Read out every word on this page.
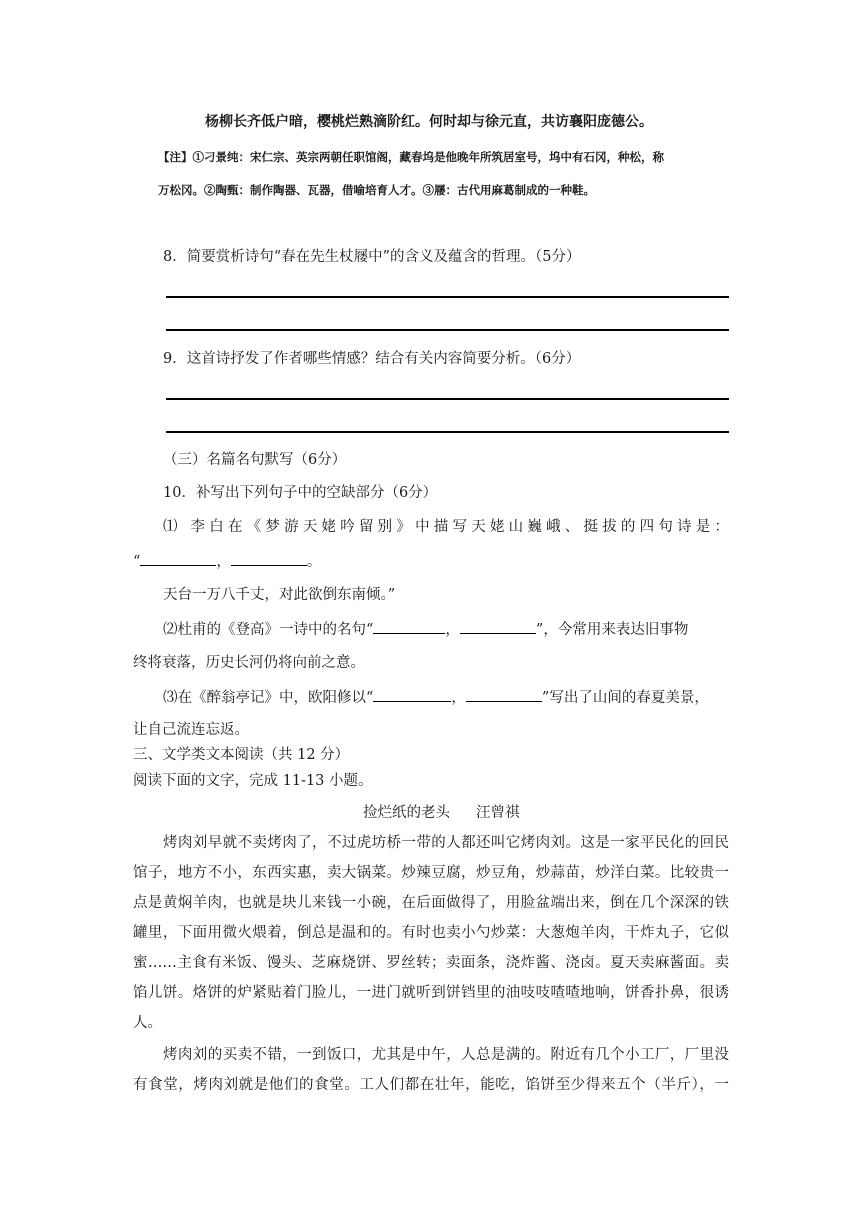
杨柳长齐低户暗，樱桃烂熟滴阶红。何时却与徐元直，共访襄阳庞德公。
【注】①刁景纯：宋仁宗、英宗两朝任职馆阁，藏春坞是他晚年所筑居室号，坞中有石冈，种松，称
万松冈。②陶甄：制作陶器、瓦器，借喻培育人才。③屦：古代用麻葛制成的一种鞋。
8．简要赏析诗句“春在先生杖屦中”的含义及蕴含的哲理。（5分）
9．这首诗抒发了作者哪些情感？结合有关内容简要分析。（6分）
（三）名篇名句默写（6分）
10．补写出下列句子中的空缺部分（6分）
⑴ 李白在《梦游天姥吟留别》中描写天姥山巍峨、挺拔的四句诗是：
“	，	。
天台一万八千丈，对此欲倒东南倾。”
⑵杜甫的《登高》一诗中的名句“	，	”，今常用来表达旧事物
终将衰落，历史长河仍将向前之意。
⑶在《醉翁亭记》中，欧阳修以“	，	”写出了山间的春夏美景，
让自己流连忘返。
三、文学类文本阅读（共 12 分）
阅读下面的文字，完成 11-13 小题。
捡烂纸的老头 汪曾祺
烤肉刘早就不卖烤肉了，不过虎坊桥一带的人都还叫它烤肉刘。这是一家平民化的回民
馆子，地方不小，东西实惠，卖大锅菜。炒辣豆腐，炒豆角，炒蒜苗，炒洋白菜。比较贵一
点是黄焖羊肉，也就是块儿来钱一小碗，在后面做得了，用脸盆端出来，倒在几个深深的铁
罐里，下面用微火煨着，倒总是温和的。有时也卖小勺炒菜：大葱炮羊肉，干炸丸子，它似
蜜……主食有米饭、馒头、芝麻烧饼、罗丝转；卖面条，浇炸酱、浇卤。夏天卖麻酱面。卖
馅儿饼。烙饼的炉紧贴着门脸儿，一进门就听到饼铛里的油吱吱喳喳地响，饼香扑鼻，很诱
人。
烤肉刘的买卖不错，一到饭口，尤其是中午，人总是满的。附近有几个小工厂，厂里没
有食堂，烤肉刘就是他们的食堂。工人们都在壮年，能吃，馅饼至少得来五个（半斤），一
